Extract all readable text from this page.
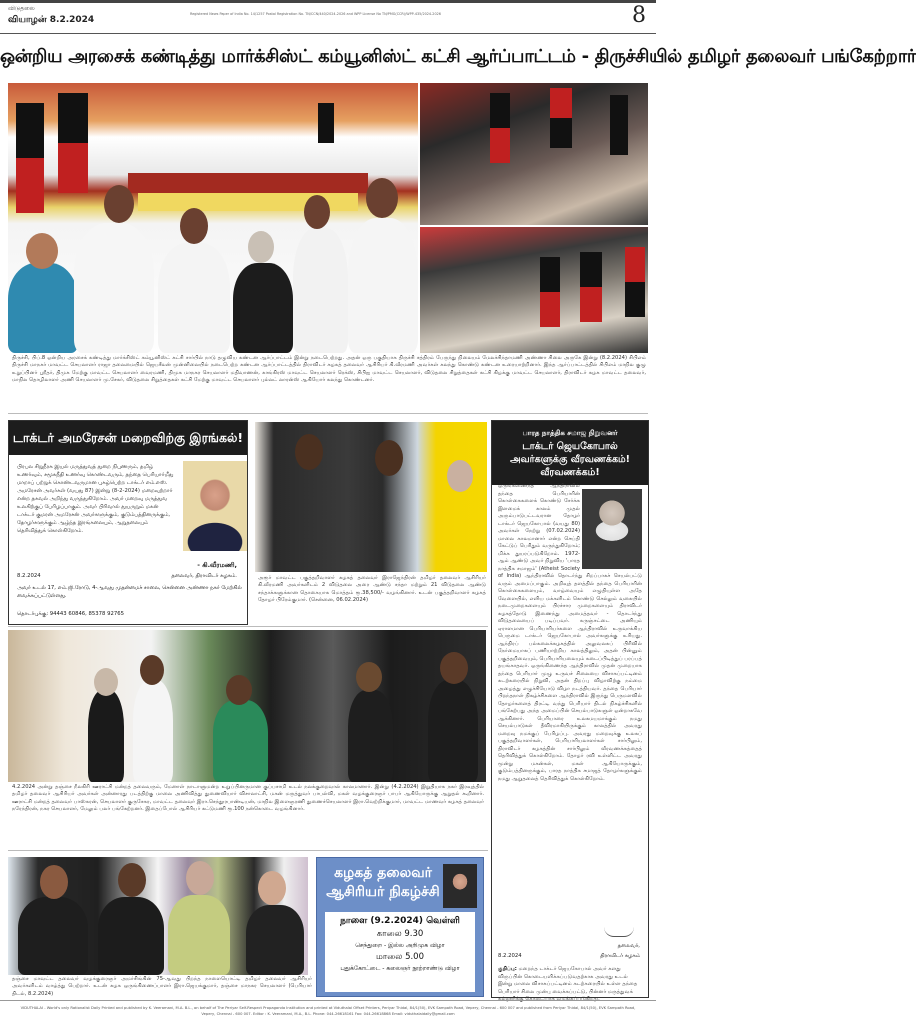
விடுதலை
வியாழன் 8.2.2024
Registered News Paper of India No. 14/1257 Postal Registration No. TN/CCN/440/2024-2026 and WPP License No TN/PMG(CCR)/WPP-435/2024-2026	8
ஒன்றிய அரசைக் கண்டித்து மார்க்சிஸ்ட் கம்யூனிஸ்ட் கட்சி ஆர்ப்பாட்டம் - திருச்சியில் தமிழர் தலைவர் பங்கேற்றார்

திருச்சி, பிப்.8 ஒன்றிய அரசைக் கண்டித்து மார்க்சிஸ்ட் கம்யூனிஸ்ட் கட்சி சார்பில் நாடு தழுவிய கண்டன ஆர்ப்பாட்டம் இன்று நடைபெற்றது. அதன் ஒரு பகுதியாக திருச்சி சத்திரம் பேருந்து நிலையம் மேலச்சிந்தாமணி அண்ணா சிலை அருகே இன்று (8.2.2024) சிபிஎம் திருச்சி மாநகர் மாவட்ட செயலாளர் ராஜா தலைமையில் ஜெயசீலன் முன்னிலையில் நடைபெற்ற கண்டன ஆர்ப்பாட்டத்தில் திராவிடர் கழகத் தலைவர் ஆசிரியர் கி.வீரமணி அவர்கள் கலந்து கொண்டு கண்டன உரையாற்றினார். இந்த ஆர்ப்பாட்டத்தில் சிபிஎம் மாநில குழு உறுப்பினர் ஸ்ரீதர், திமுக மேற்கு மாவட்ட செயலாளர் வைரமணி, திமுக மாநகர செயலாளர் மதிவாணன், காங்கிரஸ் மாவட்ட செயலாளர் ரெக்ஸ், சிபிஐ மாவட்ட செயலாளர், விடுதலை சிறுத்தைகள் கட்சி கிழக்கு மாவட்ட செயலாளர், திராவிடர் கழக மாவட்ட தலைவர், மாநில தொழிலாளர் அணி செயலாளர் மு.சேகர், விடுதலை சிறுத்தைகள் கட்சி மேற்கு மாவட்ட செயலாளர் புல்லட் லாரன்ஸ் ஆகியோர் கலந்து கொண்டனர்.

டாக்டர் அமரேசன் மறைவிற்கு இரங்கல்!

பிரபல சிறுநீரக இயல் மருத்துவத் துறை நிபுணரும், தமிழ் உணர்வும், சமூகநீதி உணர்வு கொண்டவரும், தந்தை பெரியார்மீது மாறாப் பற்றுக் கொண்டவருமான புகழ்பெற்ற டாக்டர் எம்.எஸ். அமரேசன் அவர்கள் (வயது 87) இன்று (8-2-2024) மறைவுற்றார் என்ற தகவல் அறிந்து வருந்துகிறோம். அவர் மறைவு மருத்துவ உலகிற்குப் பேரிழப்பாகும். அவர் பிரிவால் துயருறும் மகன் டாக்டர் குமரன் அமரேசன் அவர்களுக்கும், குடும்பத்தினருக்கும், தோழர்களுக்கும் ஆழ்ந்த இரங்கலையும், ஆறுதலையும் தெரிவித்துக் கொள்கிறோம்.

- கி.வீரமணி,
8.2.2024	தலைவர், திராவிடர் கழகம்.

அவர் உடல் 17, எம்.ஜி.ரோடு, 4-ஆவது முதன்மைச் சாலை, சென்னை அண்ணா நகர் மேற்கில் வைக்கப்பட்டுள்ளது.

தொடர்புக்கு: 94443 60846, 85378 92765

அரூர் மாவட்ட பகுத்தறிவாளர் கழகத் தலைவர் இராஜேந்திரன் தமிழர் தலைவர் ஆசிரியர் கி.வீரமணி அவர்களிடம் 2 விடுதலை அரை ஆண்டு சந்தா மற்றும் 21 விடுதலை ஆண்டு சந்தாக்களுக்கான தொகையாக மொத்தம் ரூ.38,500/- வழங்கினார். உடன் பகுத்தறிவாளர் கழகத் தோழர் பிரேம்குமார். (சென்னை, 06.02.2024)

பாரத நாத்திக சமாஜ நிறுவனர்
டாக்டர் ஜெயகோபால் அவர்களுக்கு வீரவணக்கம்! வீரவணக்கம்!

ஒருங்கிணைந்த ஆந்திராவில் தந்தை பெரியாரின் கொள்கைகளைக் கொண்டு சேர்க்க இளமைக் காலம் முதல் அரும்பாடுபட்டவரான தோழர் டாக்டர் ஜெயகோபால் (வயது 80) அவர்கள் நேற்று (07.02.2024) மாலை காலமானார் என்ற செய்தி கேட்டுப் பெரிதும் வருந்துகிறோம்; மிக்க துயரப்படுகிறோம். 1972-ஆம் ஆண்டு அவர் நிறுவிய 'பாரத நாத்திக சமாஜம்' (Atheist Society of India) ஆந்திராவில் தொடர்ந்து சிறப்பாகச் செயல்பட்டு வரும் அமைப்பாகும். அறிவுத் தளத்தில் தந்தை பெரியாரின் கொள்கைகளையும், வாழ்வையும் எழுதியுள்ள அதே வேளையில், எளிய மக்களிடம் கொண்டு செல்லும் வகையில் நடைமுறைகளையும் பிரச்சார முறைகளையும் திராவிடர் கழகத்தோடு இணைந்து அமைத்தவர் - தொடர்ந்து விடுதலையைப் படிப்பவர். கருஞ்சட்டை அணியும் ஏராளமான பெரியாரியர்களை ஆந்திராவில் உருவாக்கிய பெருமை டாக்டர் ஜெயகோபால் அவர்களுக்கு உரியது. ஆந்திரப் பல்கலைக்கழகத்தில் அலுவலகப் பிரிவில் நேர்மையாகப் பணியாற்றிய காலத்திலும், அதன் பின்னும் பகுத்தறிவையும், பெரியாரியலையும் கடைப்பிடித்துப் பரப்பத் தயங்காதவர். ஒருங்கிணைந்த ஆந்திராவில் முதன் முறையாக தந்தை பெரியார் முழு உருவச் சிலையை விசாகப்பட்டினம் கடற்கரையில் நிறுவி, அதன் திறப்பு விழாவிற்கு நம்மை அழைத்து எழுச்சியோடு விழா நடத்தியவர். தந்தை பெரியார் பிறந்தநாள் நிகழ்ச்சிகளை ஆந்திராவில் இருந்து பெருமளவில் தோழர்களைத் திரட்டி வந்து பெரியார் திடல் நிகழ்ச்சிகளில் பங்கேற்பது அந்த அமைப்பின் செயல்பாடுகளுள் ஒன்றாகவே ஆக்கினார். பெரியாரை உலகமயமாக்கும் நமது செயல்பாடுகள் தீவிரமாகியிருக்கும் காலத்தில் அவரது மறைவு நமக்குப் பேரிழப்பு. அவரது மறைவுக்கு உலகப் பகுத்தறிவாளர்கள், பெரியாரியலாளர்கள் சார்பிலும், திராவிடர் கழகத்தின் சார்பிலும் வீரவணக்கத்தைத் தெரிவித்துக் கொள்கிறோம். தோழர் ரவி உள்ளிட்ட அவரது மூன்று மகன்கள், மகள் ஆகியோருக்கும், குடும்பத்தினருக்கும், பாரத நாத்திக சமாஜத் தோழர்களுக்கும் நமது ஆறுதலைத் தெரிவித்துக் கொள்கிறோம்.

தலைவர்,
8.2.2024	திராவிடர் கழகம்

குறிப்பு: மறைந்த டாக்டர் ஜெயகோபால் அவர் களது விருப்பின் கொடையளிக்கப்படுவதற்காக அவரது உடல் இன்று மாலை விசாகப்பட்டினம் கடற்கரையில் உள்ள தந்தை பெரியார் சிலை முன்பு வைக்கப்பட்டு, பின்னர் மருத்துவக் கல்லூரிக்கு கொடையாக வழங்கப்படுகிறது.

4.2.2024 அன்று தஞ்சை நீலகிரி ஊராட்சி மன்றத் தலைவரும், மேனாள் நாடாளுமன்ற உறுப்பினருமான குப்பசாமி உடல் நலக்குறைவால் காலமானார். இன்று (4.2.2024) இறுதியாக நகர் இரவுத்தில் தமிழர் தலைவர் ஆசிரியர் அவர்கள் அன்னாரது படத்திற்கு மாலை அணிவித்து துணைவியார் விசாலாட்சி, மகன் மருத்துவர் பாபல்வி, மகள் வழக்குரைஞர் பாபர் ஆகியோருக்கு ஆறுதல் கூறினார். ஊராட்சி மன்றத் தலைவர் பாஸ்கரன், செயலாளர் குருசேகர, மாவட்ட தலைவர் இரா.செந்தூரபாண்டியன், மாநில இளைஞரணி துணைச்செயலாளர் இரா.வெற்றிக்குமார், மாவட்ட மாணவர் கழகத் தலைவர் நரேந்திரன், நகர செயலாளர், மேலும் பலர் பங்கேற்றனர். இதைப்போல் ஆசிரியர் கட்டுமணி ரூ.100 நன்கொடை வழங்கினார்.

தஞ்சை மாவட்ட தலைவர் வழக்குரைஞர் அமர்சிங்கின் 75-ஆவது பிறந்த நாளையொட்டி தமிழர் தலைவர் ஆசிரியர் அவர்களிடம் வாழ்த்து பெற்றார். உடன் கழக ஒருங்கிணைப்பாளர் இரா.ஜெயக்குமார், தஞ்சை மாநகர செயலாளர் (பெரியார் திடல், 8.2.2024)

கழகத் தலைவர் ஆசிரியர் நிகழ்ச்சி
நாளை (9.2.2024) வெள்ளி
காலை 9.30
செந்துறை - இல்ல அறிமுக விழா
மாலை 5.00
புதுக்கோட்டை - கலைஞர் நூற்றாண்டு விழா
VIDUTHALAI - World's only Rationalist Daily Printed and published by K. Veeramani, M.A. B.L., on behalf of The Periyar Self-Respect Propaganda Institution and printed at Viduthalai Offset Printers, Periyar Thidal, 84/1(50), EVK Sampath Road, Vepery, Chennai - 600 007 and published from Periyar Thidal, 84/1(50), EVK Sampath Road, Vepery, Chennai - 600 007. Editor : K. Veeramani, M.A., B.L. Phone: 044-26618161 Fax: 044-26618868 Email: viduthalaidaily@gmail.com
